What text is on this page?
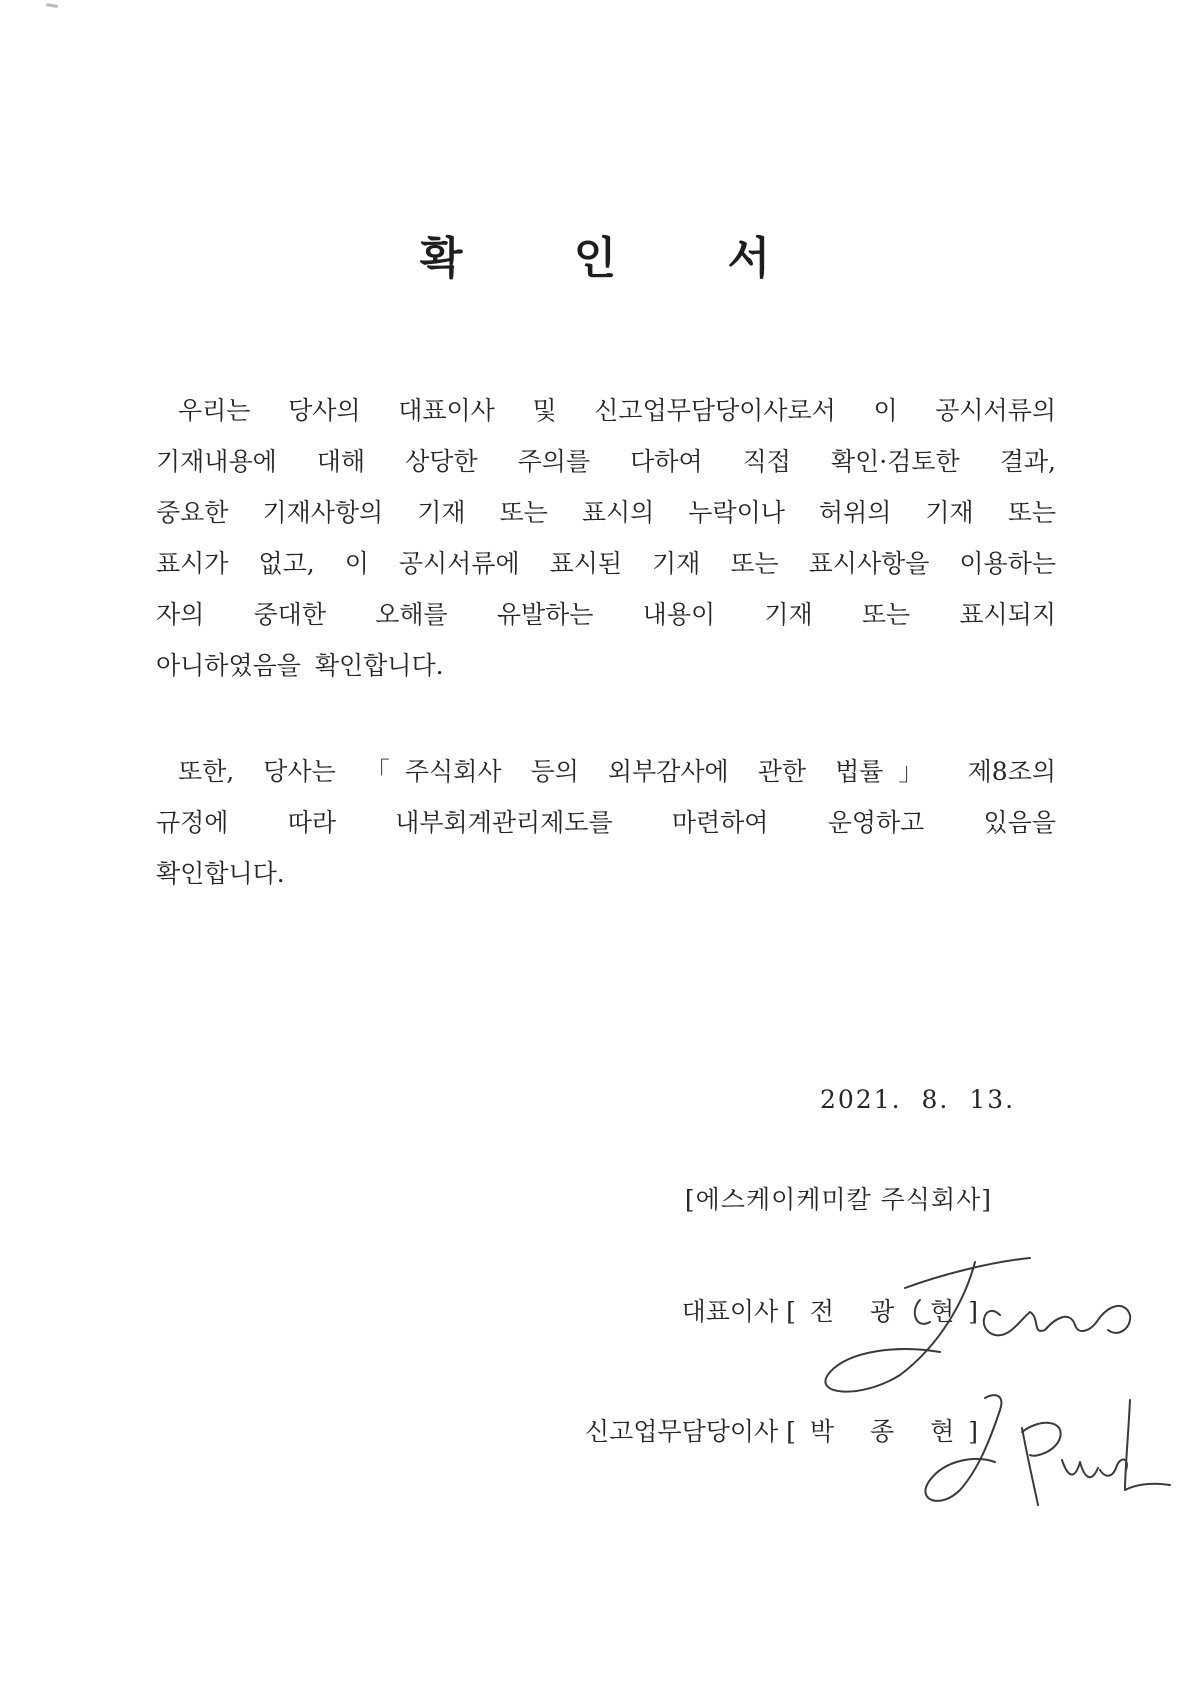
확 인 서
우리는 당사의 대표이사 및 신고업무담당이사로서 이 공시서류의
기재내용에 대해 상당한 주의를 다하여 직접 확인·검토한 결과,
중요한 기재사항의 기재 또는 표시의 누락이나 허위의 기재 또는
표시가 없고, 이 공시서류에 표시된 기재 또는 표시사항을 이용하는
자의 중대한 오해를 유발하는 내용이 기재 또는 표시되지
아니하였음을 확인합니다.
또한, 당사는 「주식회사 등의 외부감사에 관한 법률」 제8조의
규정에 따라 내부회계관리제도를 마련하여 운영하고 있음을
확인합니다.

2021. 8. 13.

[에스케이케미칼 주식회사]

대표이사 [전 광 현]

신고업무담당이사 [박 종 현]
